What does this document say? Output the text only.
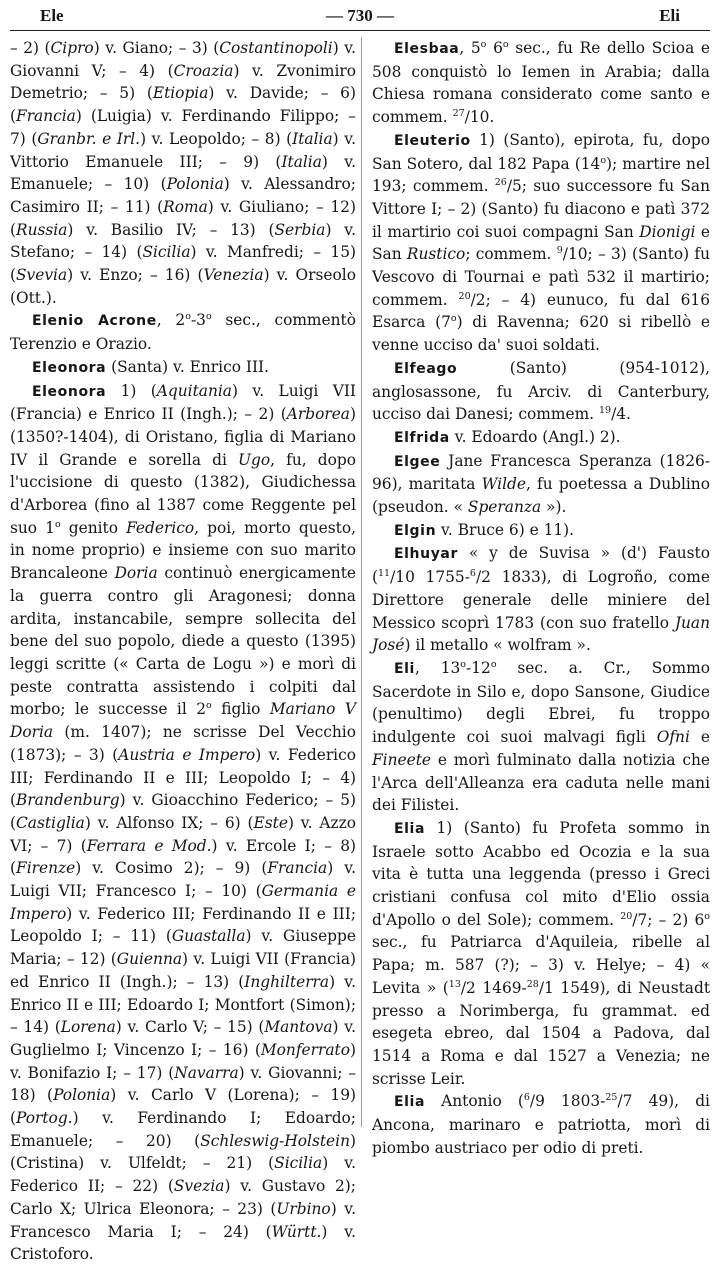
Ele	— 730 —	Eli

– 2) (Cipro) v. Giano; – 3) (Costantinopoli) v. Giovanni V; – 4) (Croazia) v. Zvonimiro Demetrio; – 5) (Etiopia) v. Davide; – 6) (Francia) (Luigia) v. Ferdinando Filippo; – 7) (Granbr. e Irl.) v. Leopoldo; – 8) (Italia) v. Vittorio Emanuele III; – 9) (Italia) v. Emanuele; – 10) (Polonia) v. Alessandro; Casimiro II; – 11) (Roma) v. Giuliano; – 12) (Russia) v. Basilio IV; – 13) (Serbia) v. Stefano; – 14) (Sicilia) v. Manfredi; – 15) (Svevia) v. Enzo; – 16) (Venezia) v. Orseolo (Ott.).

Elenio Acrone, 2$^o$-3$^o$ sec., commentò Terenzio e Orazio.

Eleonora (Santa) v. Enrico III.

Eleonora 1) (Aquitania) v. Luigi VII (Francia) e Enrico II (Ingh.); – 2) (Arborea) (1350?-1404), di Oristano, figlia di Mariano IV il Grande e sorella di Ugo, fu, dopo l'uccisione di questo (1382), Giudichessa d'Arborea (fino al 1387 come Reggente pel suo 1$^o$ genito Federico, poi, morto questo, in nome proprio) e insieme con suo marito Brancaleone Doria continuò energicamente la guerra contro gli Aragonesi; donna ardita, instancabile, sempre sollecita del bene del suo popolo, diede a questo (1395) leggi scritte (« Carta de Logu ») e morì di peste contratta assistendo i colpiti dal morbo; le successe il 2$^o$ figlio Mariano V Doria (m. 1407); ne scrisse Del Vecchio (1873); – 3) (Austria e Impero) v. Federico III; Ferdinando II e III; Leopoldo I; – 4) (Brandenburg) v. Gioacchino Federico; – 5) (Castiglia) v. Alfonso IX; – 6) (Este) v. Azzo VI; – 7) (Ferrara e Mod.) v. Ercole I; – 8) (Firenze) v. Cosimo 2); – 9) (Francia) v. Luigi VII; Francesco I; – 10) (Germania e Impero) v. Federico III; Ferdinando II e III; Leopoldo I; – 11) (Guastalla) v. Giuseppe Maria; – 12) (Guienna) v. Luigi VII (Francia) ed Enrico II (Ingh.); – 13) (Inghilterra) v. Enrico II e III; Edoardo I; Montfort (Simon); – 14) (Lorena) v. Carlo V; – 15) (Mantova) v. Guglielmo I; Vincenzo I; – 16) (Monferrato) v. Bonifazio I; – 17) (Navarra) v. Giovanni; – 18) (Polonia) v. Carlo V (Lorena); – 19) (Portog.) v. Ferdinando I; Edoardo; Emanuele; – 20) (Schleswig-Holstein) (Cristina) v. Ulfeldt; – 21) (Sicilia) v. Federico II; – 22) (Svezia) v. Gustavo 2); Carlo X; Ulrica Eleonora; – 23) (Urbino) v. Francesco Maria I; – 24) (Württ.) v. Cristoforo.

Elesbaa, 5$^o$ 6$^o$ sec., fu Re dello Scioa e 508 conquistò lo Iemen in Arabia; dalla Chiesa romana considerato come santo e commem. $^{27}$/10.

Eleuterio 1) (Santo), epirota, fu, dopo San Sotero, dal 182 Papa (14$^o$); martire nel 193; commem. $^{26}$/5; suo successore fu San Vittore I; – 2) (Santo) fu diacono e patì 372 il martirio coi suoi compagni San Dionigi e San Rustico; commem. $^9$/10; – 3) (Santo) fu Vescovo di Tournai e patì 532 il martirio; commem. $^{20}$/2; – 4) eunuco, fu dal 616 Esarca (7$^o$) di Ravenna; 620 si ribellò e venne ucciso da' suoi soldati.

Elfeago (Santo) (954-1012), anglosassone, fu Arciv. di Canterbury, ucciso dai Danesi; commem. $^{19}$/4.

Elfrida v. Edoardo (Angl.) 2).

Elgee Jane Francesca Speranza (1826-96), maritata Wilde, fu poetessa a Dublino (pseudon. « Speranza »).

Elgin v. Bruce 6) e 11).

Elhuyar « y de Suvisa » (d') Fausto ($^{11}$/10 1755-$^6$/2 1833), di Logroño, come Direttore generale delle miniere del Messico scoprì 1783 (con suo fratello Juan José) il metallo « wolfram ».

Eli, 13$^o$-12$^o$ sec. a. Cr., Sommo Sacerdote in Silo e, dopo Sansone, Giudice (penultimo) degli Ebrei, fu troppo indulgente coi suoi malvagi figli Ofni e Fineete e morì fulminato dalla notizia che l'Arca dell'Alleanza era caduta nelle mani dei Filistei.

Elia 1) (Santo) fu Profeta sommo in Israele sotto Acabbo ed Ocozia e la sua vita è tutta una leggenda (presso i Greci cristiani confusa col mito d'Elio ossia d'Apollo o del Sole); commem. $^{20}$/7; – 2) 6$^o$ sec., fu Patriarca d'Aquileia, ribelle al Papa; m. 587 (?); – 3) v. Helye; – 4) « Levita » ($^{13}$/2 1469-$^{28}$/1 1549), di Neustadt presso a Norimberga, fu grammat. ed esegeta ebreo, dal 1504 a Padova, dal 1514 a Roma e dal 1527 a Venezia; ne scrisse Leir.

Elia Antonio ($^6$/9 1803-$^{25}$/7 49), di Ancona, marinaro e patriotta, morì di piombo austriaco per odio di preti.
